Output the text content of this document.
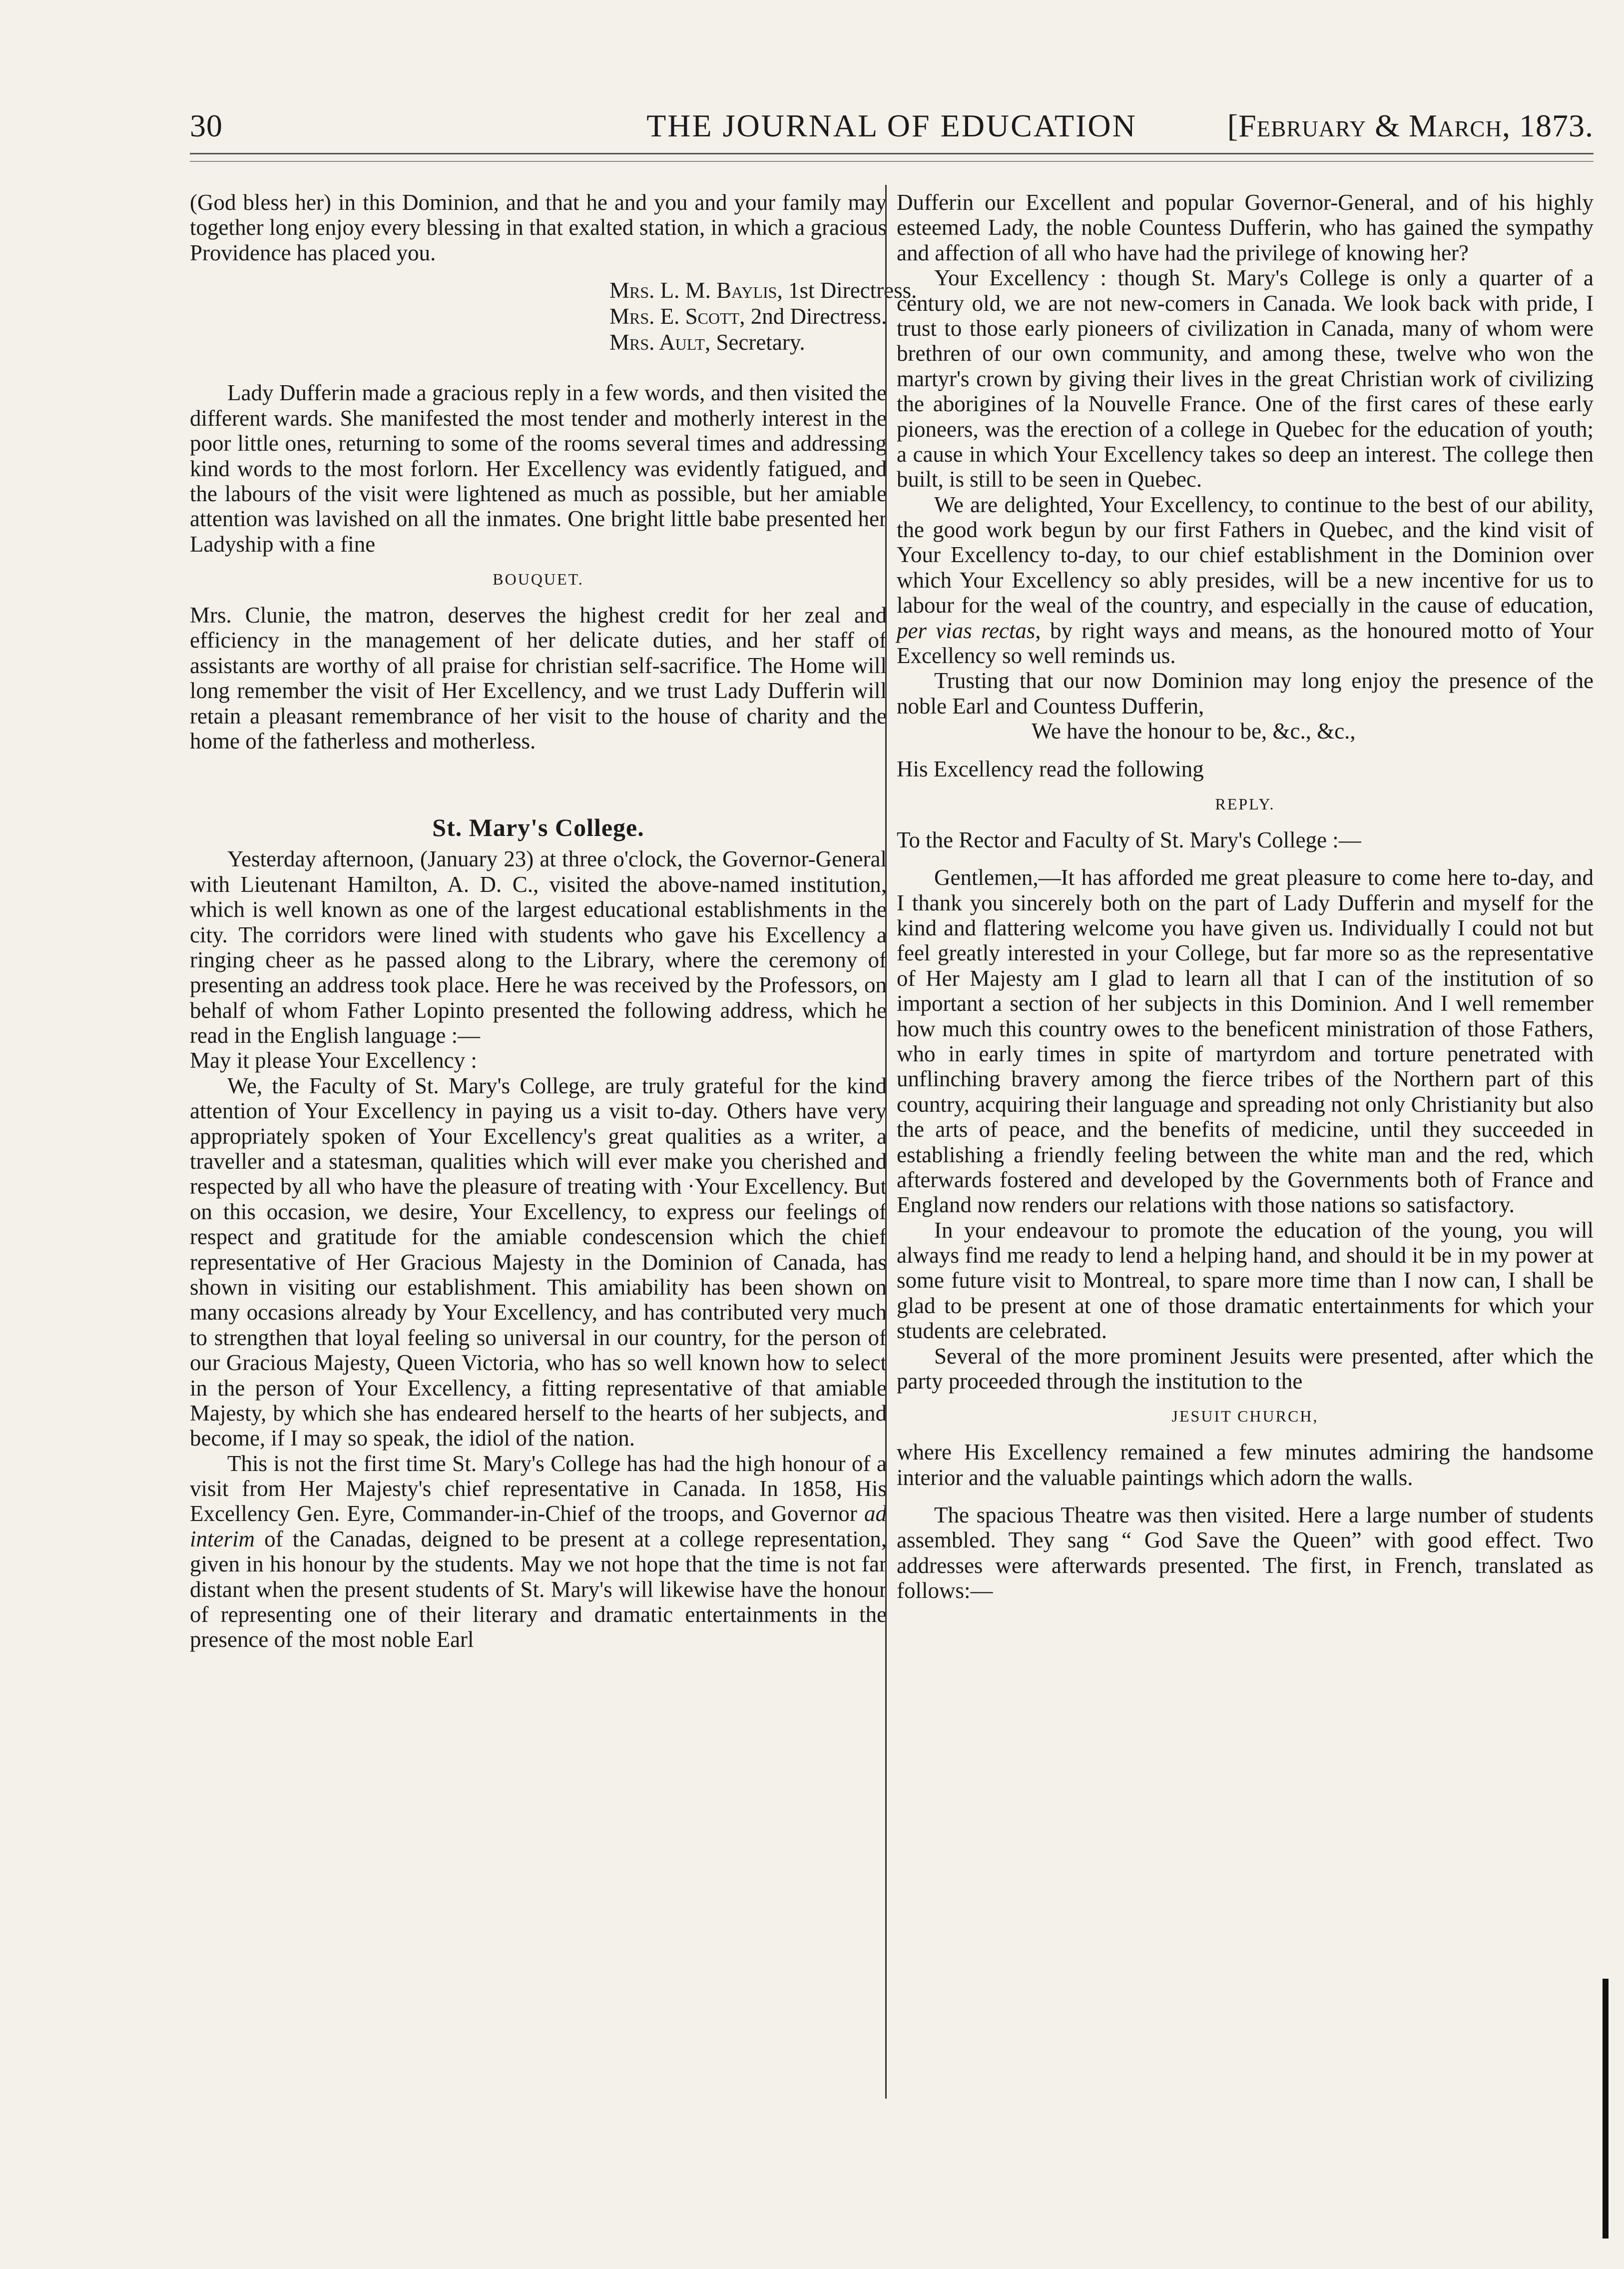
30	THE JOURNAL OF EDUCATION	[February & March, 1873.

(God bless her) in this Dominion, and that he and you and your family may together long enjoy every blessing in that exalted station, in which a gracious Providence has placed you.

Mrs. L. M. Baylis, 1st Directress.
Mrs. E. Scott, 2nd Directress.
Mrs. Ault, Secretary.

Lady Dufferin made a gracious reply in a few words, and then visited the different wards. She manifested the most tender and motherly interest in the poor little ones, returning to some of the rooms several times and addressing kind words to the most forlorn. Her Excellency was evidently fatigued, and the labours of the visit were lightened as much as possible, but her amiable attention was lavished on all the inmates. One bright little babe presented her Ladyship with a fine

BOUQUET.

Mrs. Clunie, the matron, deserves the highest credit for her zeal and efficiency in the management of her delicate duties, and her staff of assistants are worthy of all praise for christian self-sacrifice. The Home will long remember the visit of Her Excellency, and we trust Lady Dufferin will retain a pleasant remembrance of her visit to the house of charity and the home of the fatherless and motherless.

St. Mary's College.

Yesterday afternoon, (January 23) at three o'clock, the Governor-General with Lieutenant Hamilton, A. D. C., visited the above-named institution, which is well known as one of the largest educational establishments in the city. The corridors were lined with students who gave his Excellency a ringing cheer as he passed along to the Library, where the ceremony of presenting an address took place. Here he was received by the Professors, on behalf of whom Father Lopinto presented the following address, which he read in the English language :—

May it please Your Excellency :

We, the Faculty of St. Mary's College, are truly grateful for the kind attention of Your Excellency in paying us a visit to-day. Others have very appropriately spoken of Your Excellency's great qualities as a writer, a traveller and a statesman, qualities which will ever make you cherished and respected by all who have the pleasure of treating with ·Your Excellency. But on this occasion, we desire, Your Excellency, to express our feelings of respect and gratitude for the amiable condescension which the chief representative of Her Gracious Majesty in the Dominion of Canada, has shown in visiting our establishment. This amiability has been shown on many occasions already by Your Excellency, and has contributed very much to strengthen that loyal feeling so universal in our country, for the person of our Gracious Majesty, Queen Victoria, who has so well known how to select in the person of Your Excellency, a fitting representative of that amiable Majesty, by which she has endeared herself to the hearts of her subjects, and become, if I may so speak, the idiol of the nation.

This is not the first time St. Mary's College has had the high honour of a visit from Her Majesty's chief representative in Canada. In 1858, His Excellency Gen. Eyre, Commander-in-Chief of the troops, and Governor ad interim of the Canadas, deigned to be present at a college representation, given in his honour by the students. May we not hope that the time is not far distant when the present students of St. Mary's will likewise have the honour of representing one of their literary and dramatic entertainments in the presence of the most noble Earl

Dufferin our Excellent and popular Governor-General, and of his highly esteemed Lady, the noble Countess Dufferin, who has gained the sympathy and affection of all who have had the privilege of knowing her?

Your Excellency : though St. Mary's College is only a quarter of a century old, we are not new-comers in Canada. We look back with pride, I trust to those early pioneers of civilization in Canada, many of whom were brethren of our own community, and among these, twelve who won the martyr's crown by giving their lives in the great Christian work of civilizing the aborigines of la Nouvelle France. One of the first cares of these early pioneers, was the erection of a college in Quebec for the education of youth; a cause in which Your Excellency takes so deep an interest. The college then built, is still to be seen in Quebec.

We are delighted, Your Excellency, to continue to the best of our ability, the good work begun by our first Fathers in Quebec, and the kind visit of Your Excellency to-day, to our chief establishment in the Dominion over which Your Excellency so ably presides, will be a new incentive for us to labour for the weal of the country, and especially in the cause of education, per vias rectas, by right ways and means, as the honoured motto of Your Excellency so well reminds us.

Trusting that our now Dominion may long enjoy the presence of the noble Earl and Countess Dufferin,

We have the honour to be, &c., &c.,

His Excellency read the following

REPLY.

To the Rector and Faculty of St. Mary's College :—

Gentlemen,—It has afforded me great pleasure to come here to-day, and I thank you sincerely both on the part of Lady Dufferin and myself for the kind and flattering welcome you have given us. Individually I could not but feel greatly interested in your College, but far more so as the representative of Her Majesty am I glad to learn all that I can of the institution of so important a section of her subjects in this Dominion. And I well remember how much this country owes to the beneficent ministration of those Fathers, who in early times in spite of martyrdom and torture penetrated with unflinching bravery among the fierce tribes of the Northern part of this country, acquiring their language and spreading not only Christianity but also the arts of peace, and the benefits of medicine, until they succeeded in establishing a friendly feeling between the white man and the red, which afterwards fostered and developed by the Governments both of France and England now renders our relations with those nations so satisfactory.

In your endeavour to promote the education of the young, you will always find me ready to lend a helping hand, and should it be in my power at some future visit to Montreal, to spare more time than I now can, I shall be glad to be present at one of those dramatic entertainments for which your students are celebrated.

Several of the more prominent Jesuits were presented, after which the party proceeded through the institution to the

JESUIT CHURCH,

where His Excellency remained a few minutes admiring the handsome interior and the valuable paintings which adorn the walls.

The spacious Theatre was then visited. Here a large number of students assembled. They sang “ God Save the Queen” with good effect. Two addresses were afterwards presented. The first, in French, translated as follows:—
